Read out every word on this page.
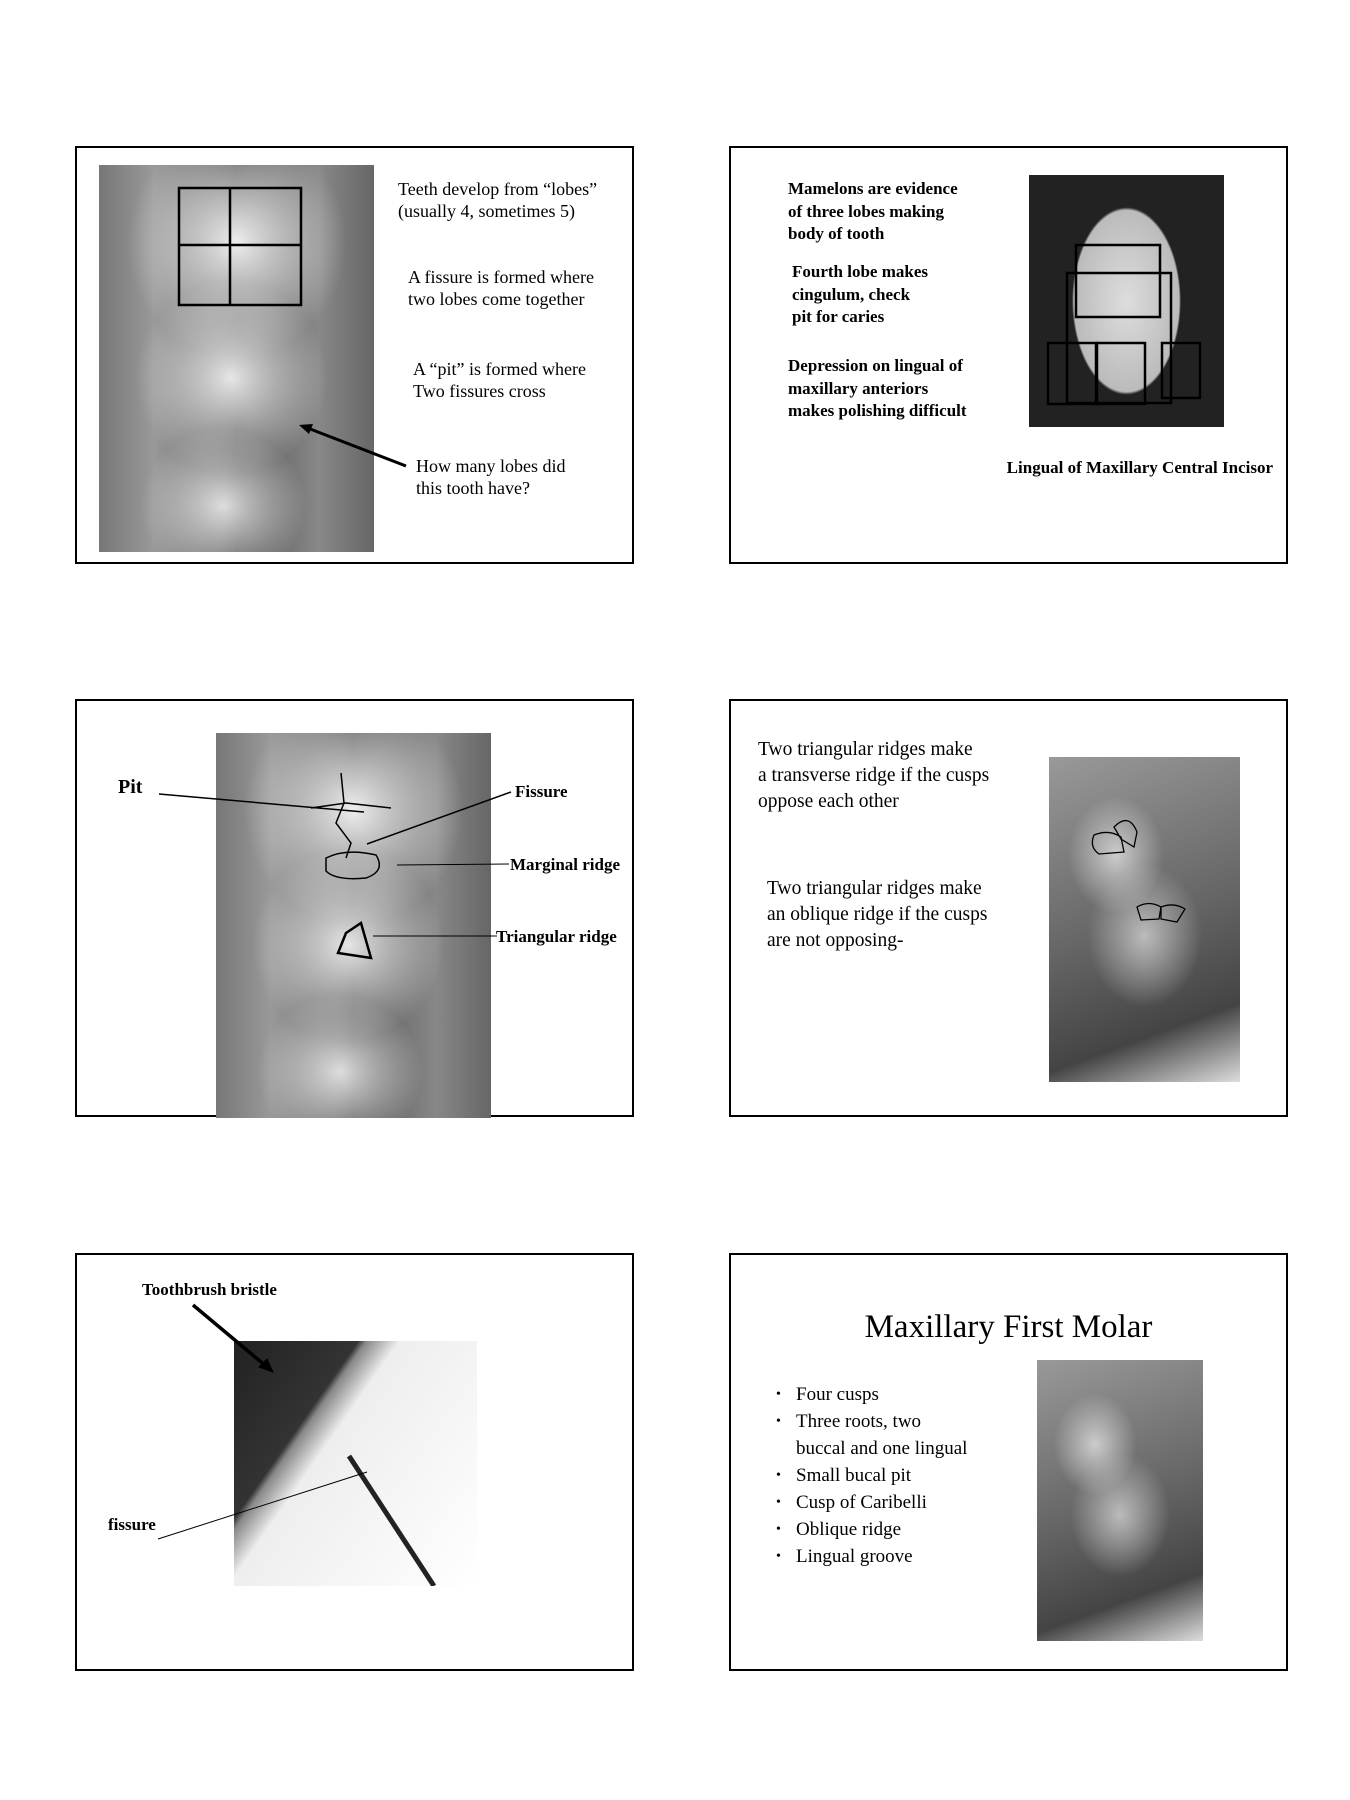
Teeth develop from “lobes”
(usually 4, sometimes 5)
A fissure is formed where
two lobes come together
A “pit” is formed where
Two fissures cross
How many lobes did
this tooth have?
Mamelons are evidence
of three lobes making
body of tooth
Fourth lobe makes
cingulum, check
pit for caries
Depression on lingual of
maxillary anteriors
makes polishing difficult
Lingual of Maxillary Central Incisor
Pit	Fissure
Marginal ridge
Triangular ridge
Two triangular ridges make
a transverse ridge if the cusps
oppose each other
Two triangular ridges make
an oblique ridge if the cusps
are not opposing-
Toothbrush bristle
fissure
Maxillary First Molar
• Four cusps
• Three roots, two
buccal and one lingual
• Small bucal pit
• Cusp of Caribelli
• Oblique ridge
• Lingual groove
